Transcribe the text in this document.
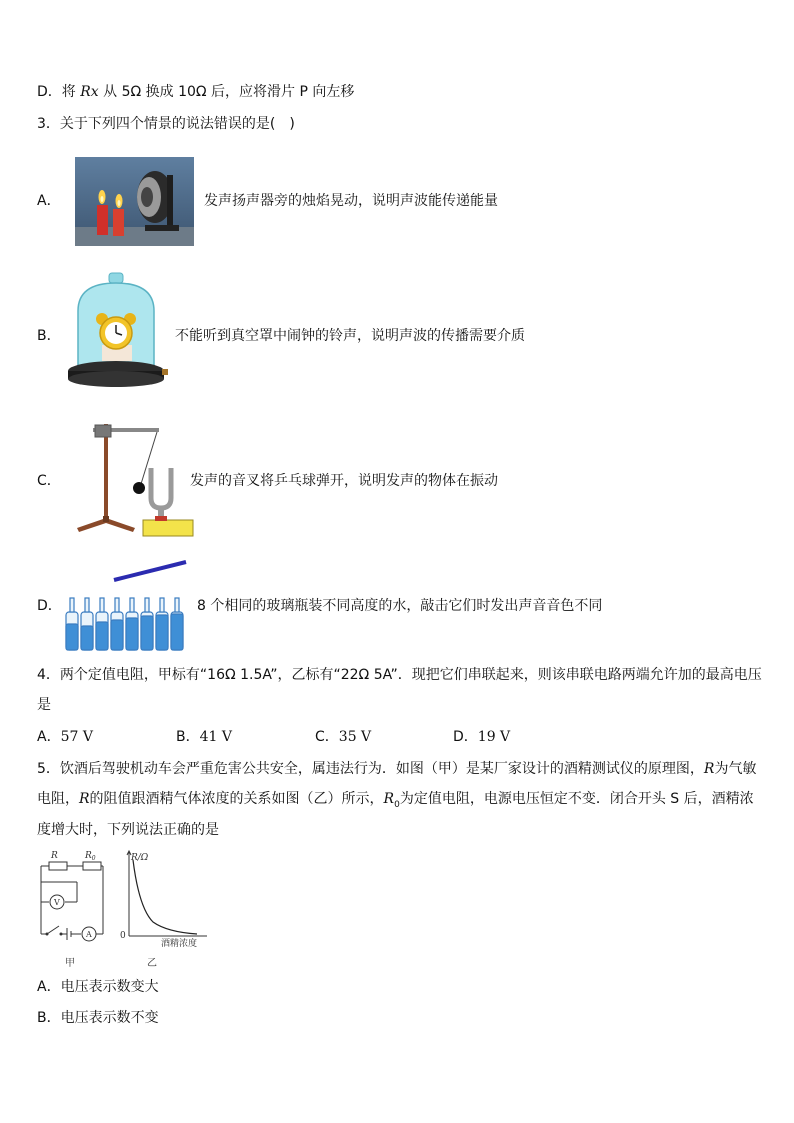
D．将 Rx 从 5Ω 换成 10Ω 后，应将滑片 P 向左移
3．关于下列四个情景的说法错误的是(　)
A．	发声扬声器旁的烛焰晃动，说明声波能传递能量
B．	不能听到真空罩中闹钟的铃声，说明声波的传播需要介质
C．	发声的音叉将乒乓球弹开，说明发声的物体在振动
D．	8 个相同的玻璃瓶装不同高度的水，敲击它们时发出声音音色不同
4．两个定值电阻，甲标有“16Ω 1.5A”，乙标有“22Ω 5A”．现把它们串联起来，则该串联电路两端允许加的最高电压
是
A．57 V	B．41 V	C．35 V	D．19 V
5．饮酒后驾驶机动车会严重危害公共安全，属违法行为．如图（甲）是某厂家设计的酒精测试仪的原理图，R为气敏
电阻，R的阻值跟酒精气体浓度的关系如图（乙）所示，$R_0$为定值电阻，电源电压恒定不变．闭合开头 S 后，酒精浓
度增大时，下列说法正确的是
R	$R_0$
V
A
甲
R/Ω
0
酒精浓度
乙
A．电压表示数变大
B．电压表示数不变
